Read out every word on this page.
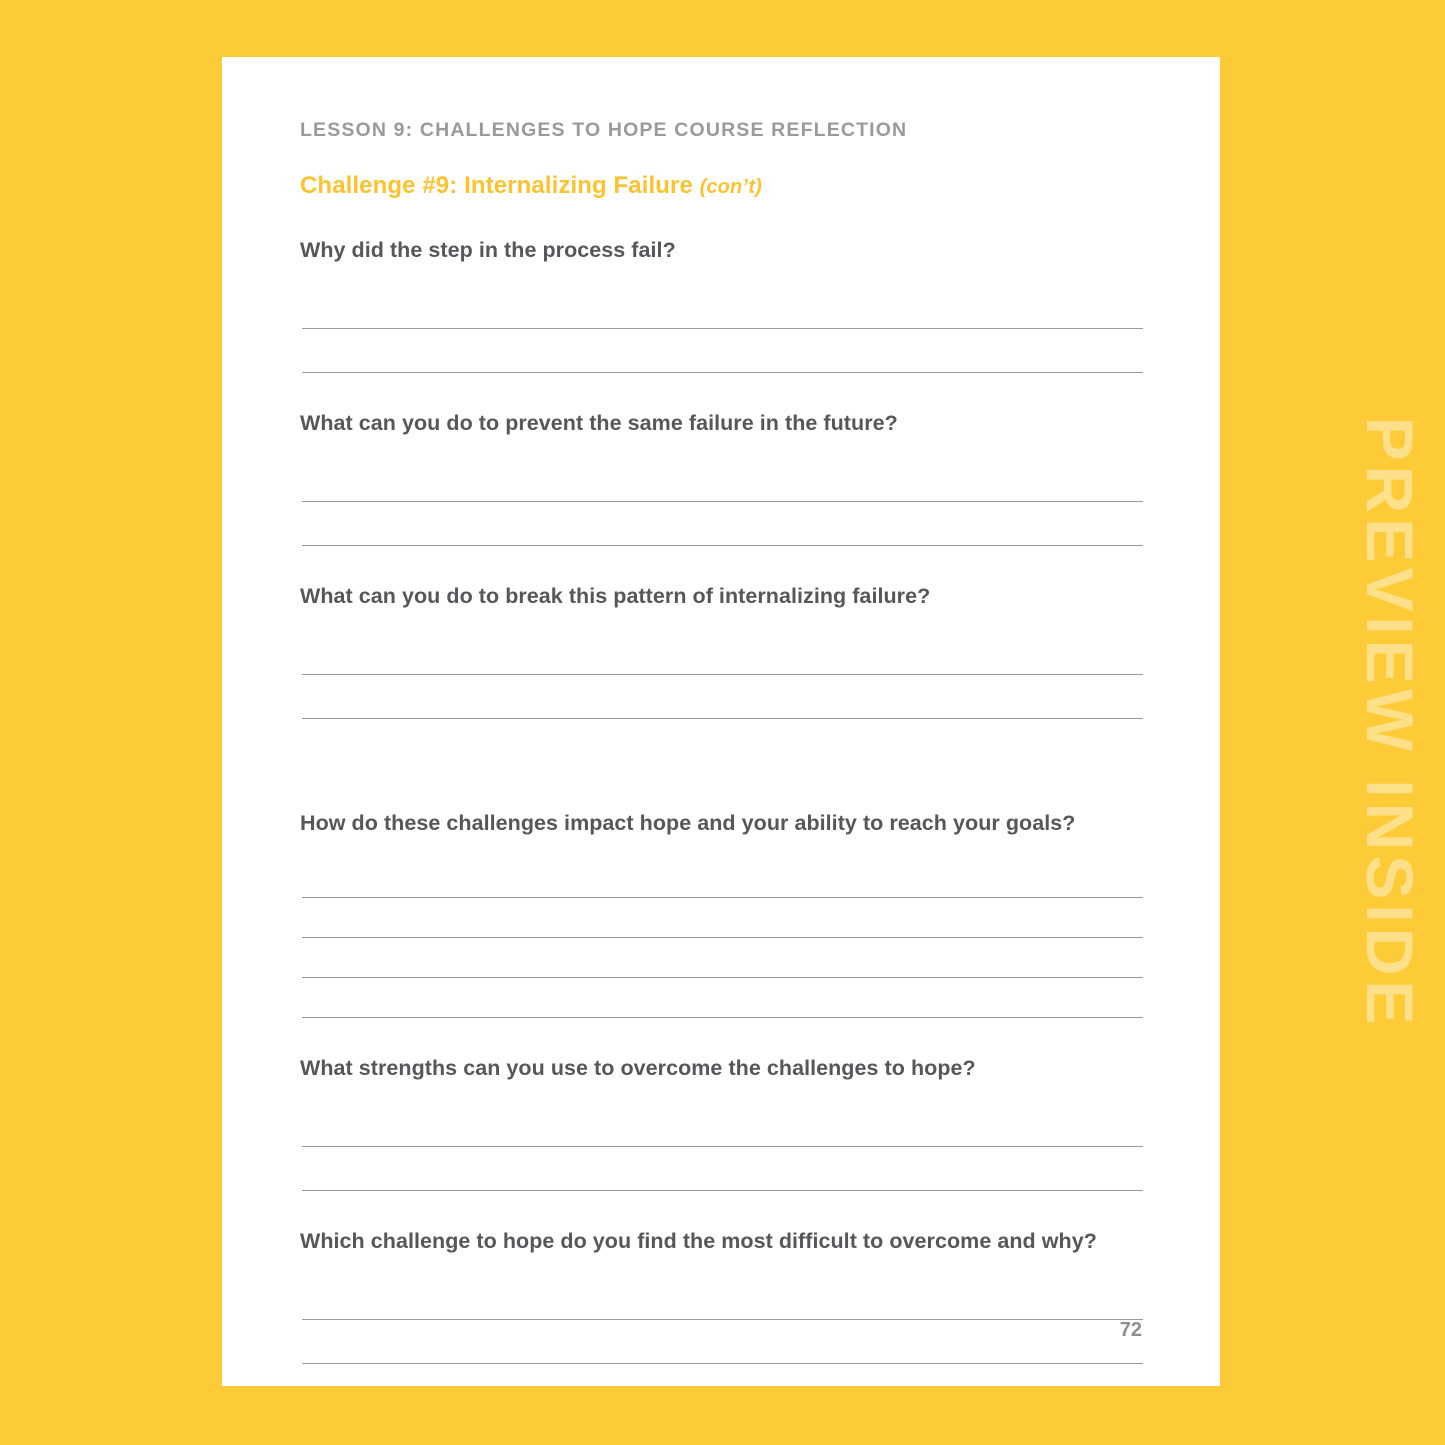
LESSON 9: CHALLENGES TO HOPE COURSE REFLECTION
Challenge #9: Internalizing Failure (con’t)
Why did the step in the process fail?
What can you do to prevent the same failure in the future?
What can you do to break this pattern of internalizing failure?
How do these challenges impact hope and your ability to reach your goals?
What strengths can you use to overcome the challenges to hope?
Which challenge to hope do you find the most difficult to overcome and why?
72
PREVIEW INSIDE
